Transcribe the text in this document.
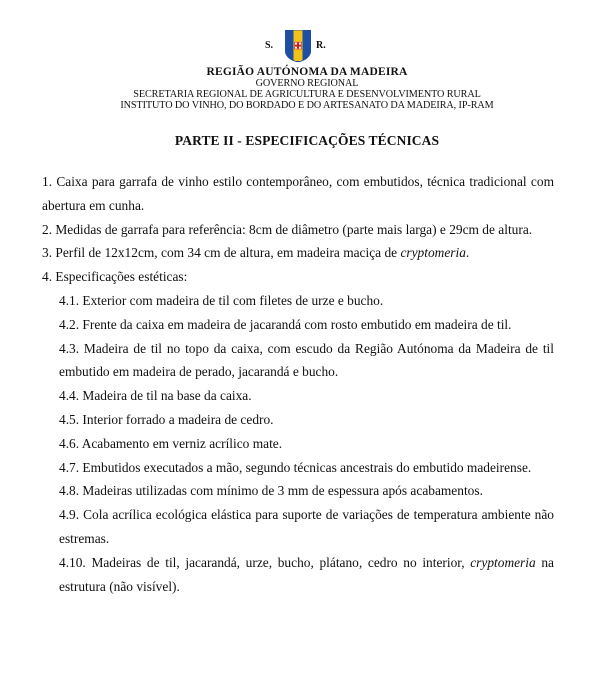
S.	R.
REGIÃO AUTÓNOMA DA MADEIRA
GOVERNO REGIONAL
SECRETARIA REGIONAL DE AGRICULTURA E DESENVOLVIMENTO RURAL
INSTITUTO DO VINHO, DO BORDADO E DO ARTESANATO DA MADEIRA, IP-RAM
PARTE II - ESPECIFICAÇÕES TÉCNICAS

1. Caixa para garrafa de vinho estilo contemporâneo, com embutidos, técnica tradicional com abertura em cunha.

2. Medidas de garrafa para referência: 8cm de diâmetro (parte mais larga) e 29cm de altura.

3. Perfil de 12x12cm, com 34 cm de altura, em madeira maciça de cryptomeria.

4. Especificações estéticas:

4.1. Exterior com madeira de til com filetes de urze e bucho.

4.2. Frente da caixa em madeira de jacarandá com rosto embutido em madeira de til.

4.3. Madeira de til no topo da caixa, com escudo da Região Autónoma da Madeira de til embutido em madeira de perado, jacarandá e bucho.

4.4. Madeira de til na base da caixa.

4.5. Interior forrado a madeira de cedro.

4.6. Acabamento em verniz acrílico mate.

4.7. Embutidos executados a mão, segundo técnicas ancestrais do embutido madeirense.

4.8. Madeiras utilizadas com mínimo de 3 mm de espessura após acabamentos.

4.9. Cola acrílica ecológica elástica para suporte de variações de temperatura ambiente não estremas.

4.10. Madeiras de til, jacarandá, urze, bucho, plátano, cedro no interior, cryptomeria na estrutura (não visível).
